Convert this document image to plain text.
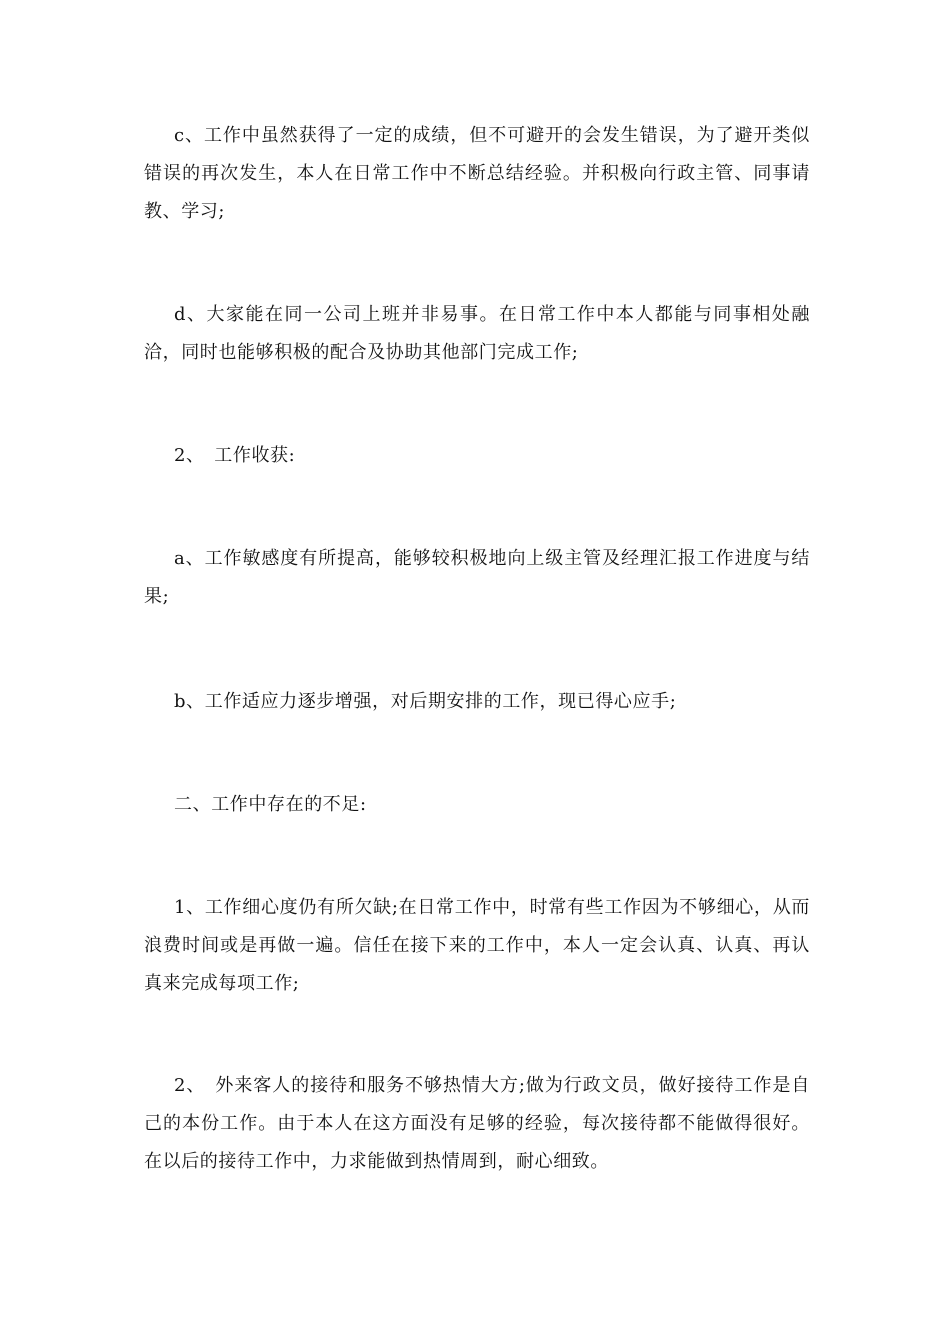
c、工作中虽然获得了一定的成绩，但不可避开的会发生错误，为了避开类似错误的再次发生，本人在日常工作中不断总结经验。并积极向行政主管、同事请教、学习;

d、大家能在同一公司上班并非易事。在日常工作中本人都能与同事相处融洽，同时也能够积极的配合及协助其他部门完成工作;

2、　工作收获:

a、工作敏感度有所提高，能够较积极地向上级主管及经理汇报工作进度与结果;

b、工作适应力逐步增强，对后期安排的工作，现已得心应手;

二、工作中存在的不足:

1、工作细心度仍有所欠缺;在日常工作中，时常有些工作因为不够细心，从而浪费时间或是再做一遍。信任在接下来的工作中，本人一定会认真、认真、再认真来完成每项工作;

2、　外来客人的接待和服务不够热情大方;做为行政文员，做好接待工作是自己的本份工作。由于本人在这方面没有足够的经验，每次接待都不能做得很好。在以后的接待工作中，力求能做到热情周到，耐心细致。
